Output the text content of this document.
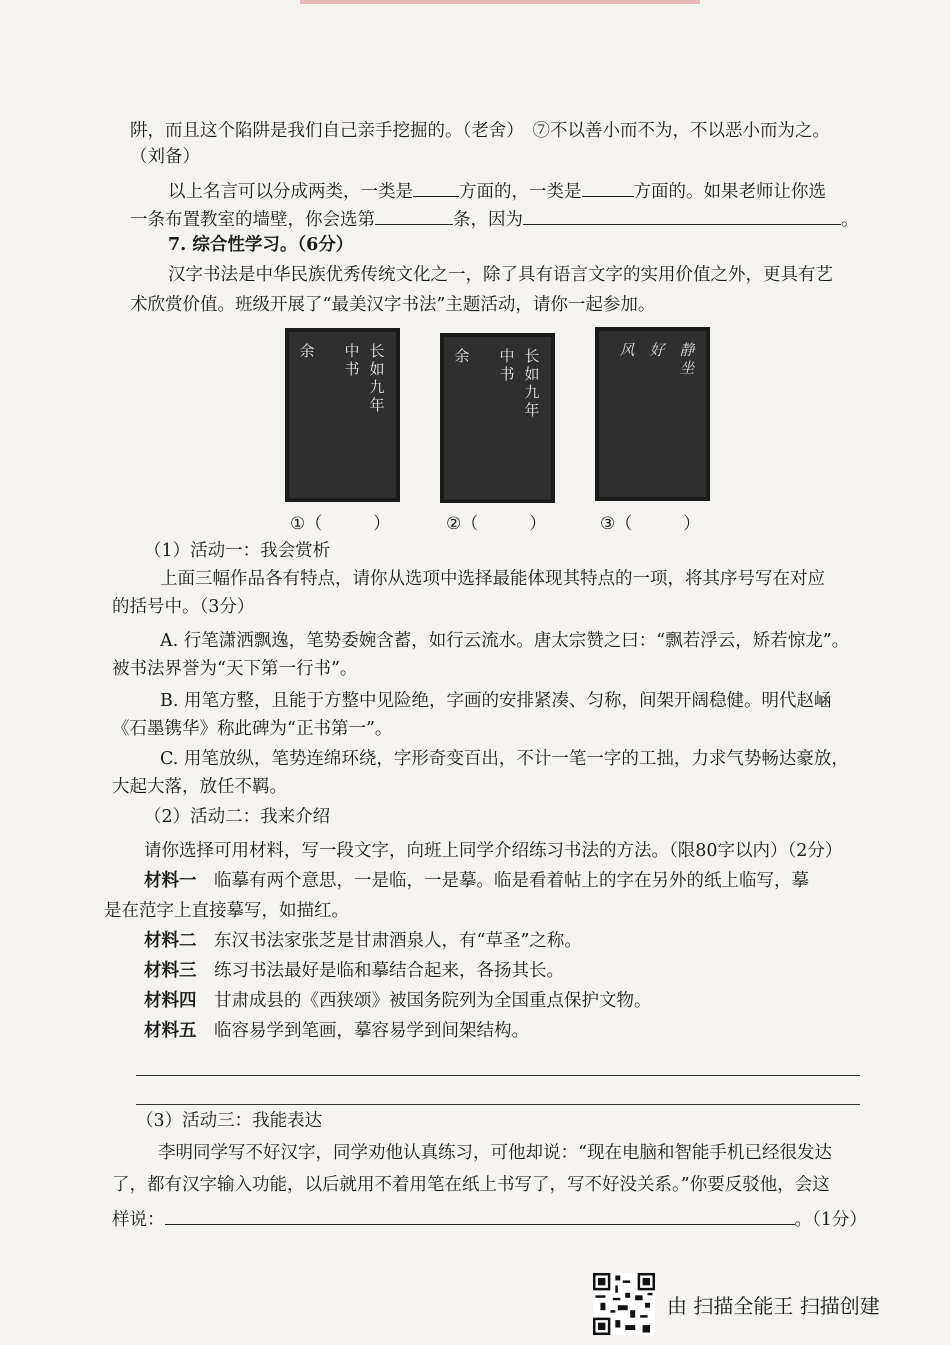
阱，而且这个陷阱是我们自己亲手挖掘的。（老舍）　⑦不以善小而不为，不以恶小而为之。
（刘备）
以上名言可以分成两类，一类是	方面的，一类是	方面的。如果老师让你选
一条布置教室的墙壁，你会选第	条，因为	。
7. 综合性学习。（6分）
汉字书法是中华民族优秀传统文化之一，除了具有语言文字的实用价值之外，更具有艺
术欣赏价值。班级开展了“最美汉字书法”主题活动，请你一起参加。
长如九年
中书
余	长如九年
中书
余	静坐
好
风
①（　　　）	②（　　　）	③（　　　）
（1）活动一：我会赏析
上面三幅作品各有特点，请你从选项中选择最能体现其特点的一项，将其序号写在对应
的括号中。（3分）
A. 行笔潇洒飘逸，笔势委婉含蓄，如行云流水。唐太宗赞之曰：“飘若浮云，矫若惊龙”。
被书法界誉为“天下第一行书”。
B. 用笔方整，且能于方整中见险绝，字画的安排紧凑、匀称，间架开阔稳健。明代赵崡
《石墨镌华》称此碑为“正书第一”。
C. 用笔放纵，笔势连绵环绕，字形奇变百出，不计一笔一字的工拙，力求气势畅达豪放，
大起大落，放任不羁。
（2）活动二：我来介绍
请你选择可用材料，写一段文字，向班上同学介绍练习书法的方法。（限80字以内）（2分）
材料一　 临摹有两个意思，一是临，一是摹。临是看着帖上的字在另外的纸上临写，摹
是在范字上直接摹写，如描红。
材料二　 东汉书法家张芝是甘肃酒泉人，有“草圣”之称。
材料三　 练习书法最好是临和摹结合起来，各扬其长。
材料四　 甘肃成县的《西狭颂》被国务院列为全国重点保护文物。
材料五　 临容易学到笔画，摹容易学到间架结构。
（3）活动三：我能表达
李明同学写不好汉字，同学劝他认真练习，可他却说：“现在电脑和智能手机已经很发达
了，都有汉字输入功能，以后就用不着用笔在纸上书写了，写不好没关系。”你要反驳他，会这
样说：	。（1分）
由 扫描全能王 扫描创建
